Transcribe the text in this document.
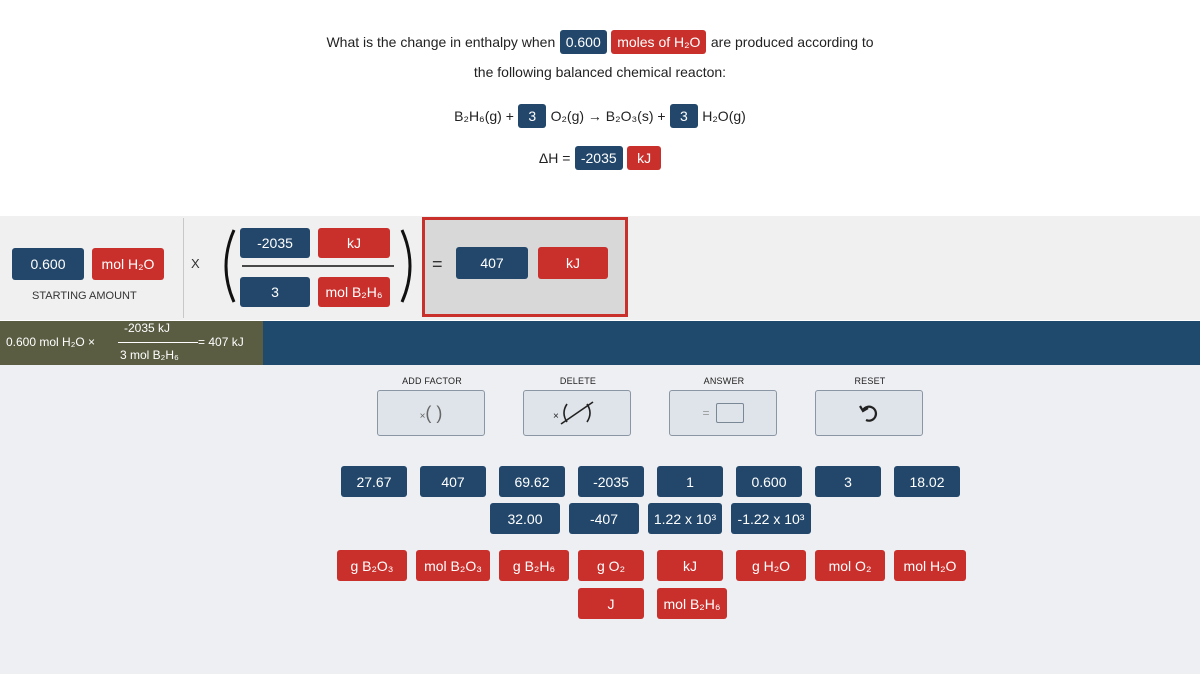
What is the change in enthalpy when 0.600 moles of H₂O are produced according to
the following balanced chemical reacton:
B₂H₆(g) + 3 O₂(g) → B₂O₃(s) + 3 H₂O(g)
ΔH = -2035 kJ
0.600	mol H₂O
STARTING AMOUNT
X
-2035	kJ
3	mol B₂H₆
=	407	kJ
0.600 mol H₂O ×
-2035 kJ
3 mol B₂H₆
= 407 kJ
ADD FACTOR
×( )
DELETE
×
ANSWER
=
RESET
27.67	407	69.62	-2035	1	0.600	3	18.02
32.00	-407	1.22 x 10³	-1.22 x 10³
g B₂O₃	mol B₂O₃	g B₂H₆	g O₂	kJ	g H₂O	mol O₂	mol H₂O
J	mol B₂H₆
